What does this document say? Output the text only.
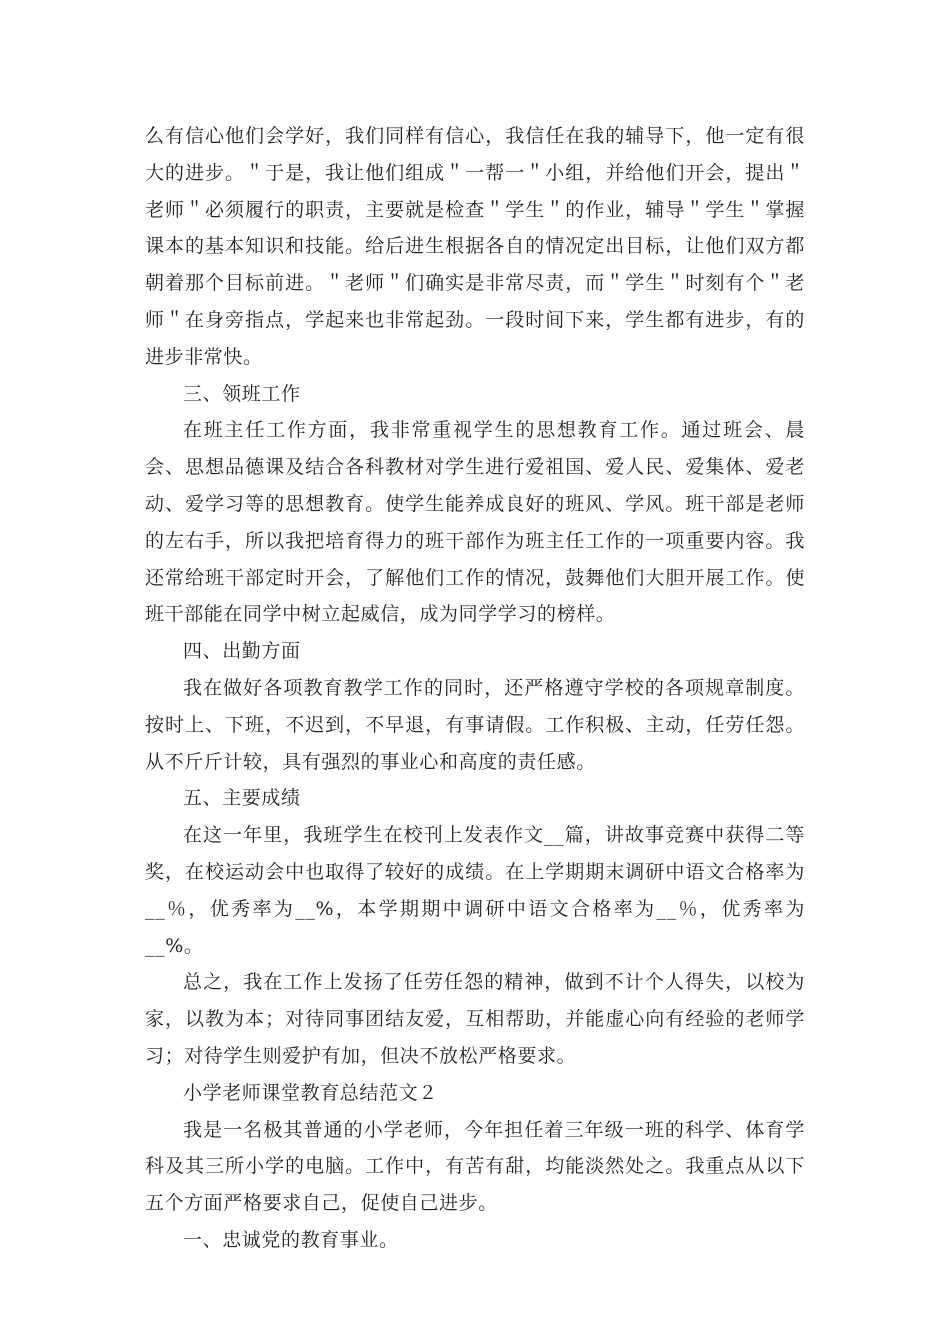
么有信心他们会学好，我们同样有信心，我信任在我的辅导下，他一定有很大的进步。＂于是，我让他们组成＂一帮一＂小组，并给他们开会，提出＂老师＂必须履行的职责，主要就是检查＂学生＂的作业，辅导＂学生＂掌握课本的基本知识和技能。给后进生根据各自的情况定出目标，让他们双方都朝着那个目标前进。＂老师＂们确实是非常尽责，而＂学生＂时刻有个＂老师＂在身旁指点，学起来也非常起劲。一段时间下来，学生都有进步，有的进步非常快。

三、领班工作

在班主任工作方面，我非常重视学生的思想教育工作。通过班会、晨会、思想品德课及结合各科教材对学生进行爱祖国、爱人民、爱集体、爱老动、爱学习等的思想教育。使学生能养成良好的班风、学风。班干部是老师的左右手，所以我把培育得力的班干部作为班主任工作的一项重要内容。我还常给班干部定时开会，了解他们工作的情况，鼓舞他们大胆开展工作。使班干部能在同学中树立起威信，成为同学学习的榜样。

四、出勤方面

我在做好各项教育教学工作的同时，还严格遵守学校的各项规章制度。按时上、下班，不迟到，不早退，有事请假。工作积极、主动，任劳任怨。从不斤斤计较，具有强烈的事业心和高度的责任感。

五、主要成绩

在这一年里，我班学生在校刊上发表作文__篇，讲故事竞赛中获得二等奖，在校运动会中也取得了较好的成绩。在上学期期末调研中语文合格率为__％，优秀率为__%，本学期期中调研中语文合格率为__％，优秀率为__%。

总之，我在工作上发扬了任劳任怨的精神，做到不计个人得失，以校为家，以教为本；对待同事团结友爱，互相帮助，并能虚心向有经验的老师学习；对待学生则爱护有加，但决不放松严格要求。

小学老师课堂教育总结范文２

我是一名极其普通的小学老师，今年担任着三年级一班的科学、体育学科及其三所小学的电脑。工作中，有苦有甜，均能淡然处之。我重点从以下五个方面严格要求自己，促使自己进步。

一、忠诚党的教育事业。
